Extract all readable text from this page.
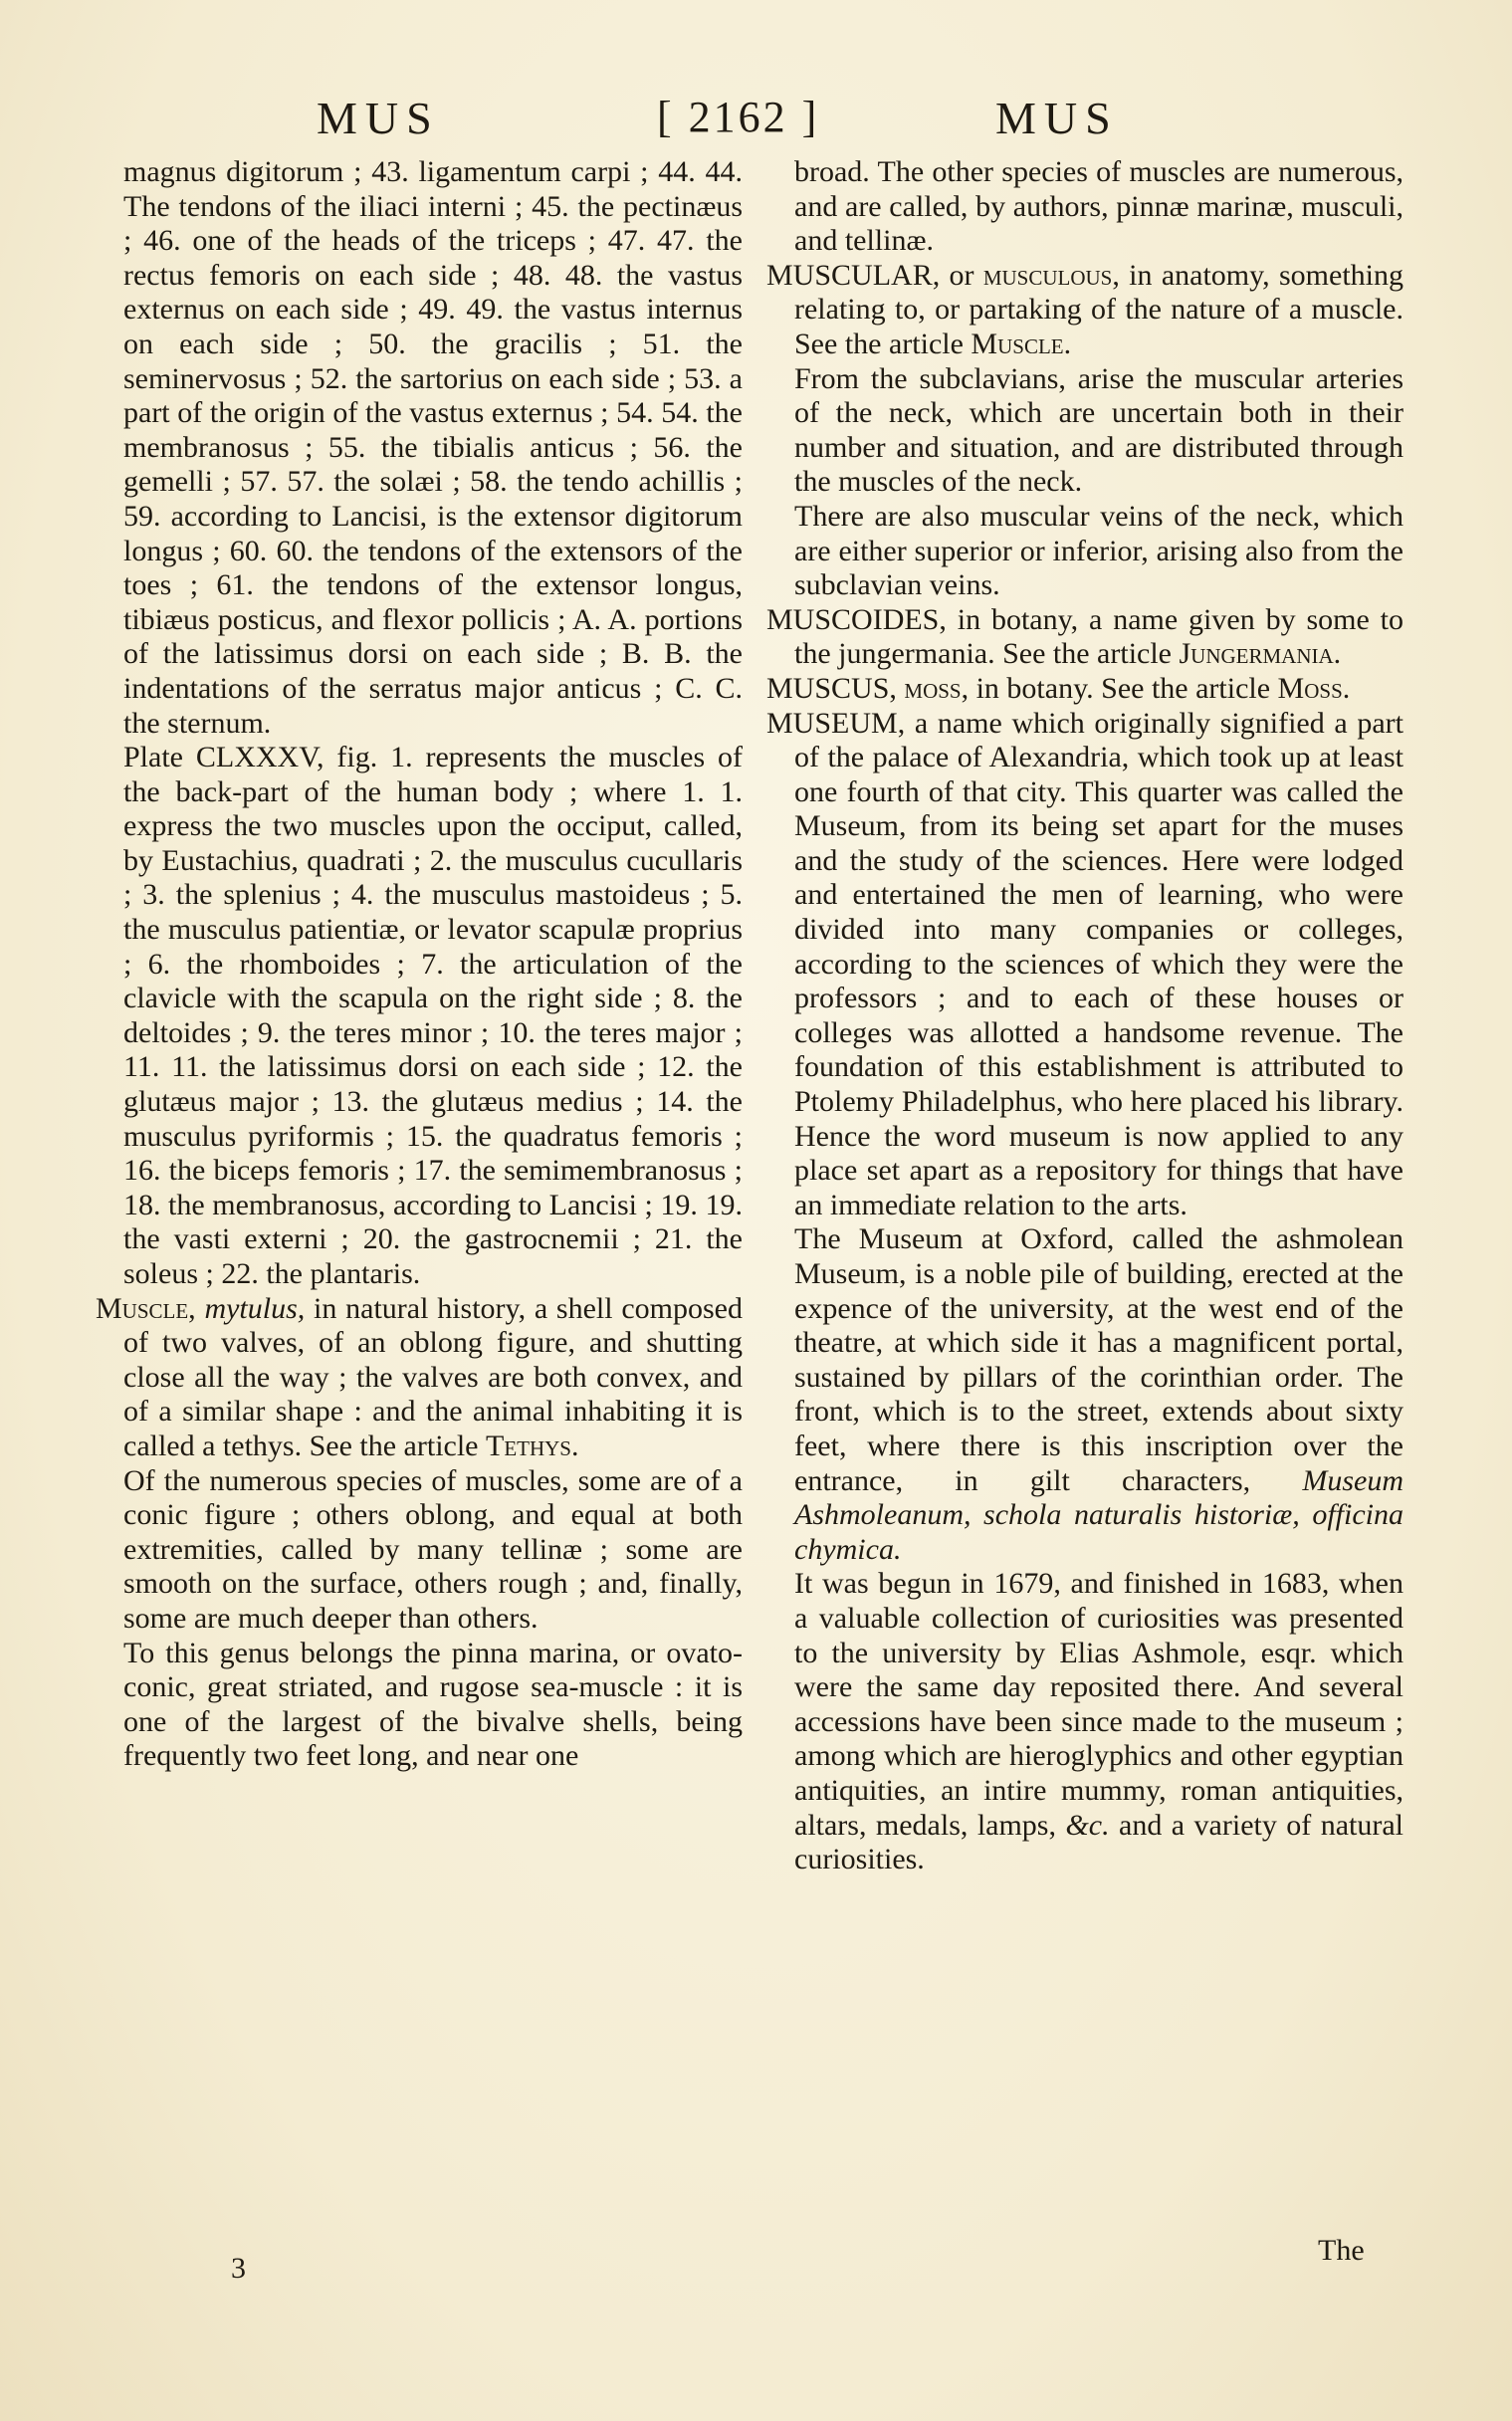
MUS	[ 2162 ]	MUS

magnus digitorum ; 43. ligamentum carpi ; 44. 44. The tendons of the iliaci interni ; 45. the pectinæus ; 46. one of the heads of the triceps ; 47. 47. the rectus femoris on each side ; 48. 48. the vastus externus on each side ; 49. 49. the vastus internus on each side ; 50. the gracilis ; 51. the seminervosus ; 52. the sartorius on each side ; 53. a part of the origin of the vastus externus ; 54. 54. the membranosus ; 55. the tibialis anticus ; 56. the gemelli ; 57. 57. the solæi ; 58. the tendo achillis ; 59. according to Lancisi, is the extensor digitorum longus ; 60. 60. the tendons of the extensors of the toes ; 61. the tendons of the extensor longus, tibiæus posticus, and flexor pollicis ; A. A. portions of the latissimus dorsi on each side ; B. B. the indentations of the serratus major anticus ; C. C. the sternum.

Plate CLXXXV, fig. 1. represents the muscles of the back-part of the human body ; where 1. 1. express the two muscles upon the occiput, called, by Eustachius, quadrati ; 2. the musculus cucullaris ; 3. the splenius ; 4. the musculus mastoideus ; 5. the musculus patientiæ, or levator scapulæ proprius ; 6. the rhomboides ; 7. the articulation of the clavicle with the scapula on the right side ; 8. the deltoides ; 9. the teres minor ; 10. the teres major ; 11. 11. the latissimus dorsi on each side ; 12. the glutæus major ; 13. the glutæus medius ; 14. the musculus pyriformis ; 15. the quadratus femoris ; 16. the biceps femoris ; 17. the semimembranosus ; 18. the membranosus, according to Lancisi ; 19. 19. the vasti externi ; 20. the gastrocnemii ; 21. the soleus ; 22. the plantaris.

Muscle, mytulus, in natural history, a shell composed of two valves, of an oblong figure, and shutting close all the way ; the valves are both convex, and of a similar shape : and the animal inhabiting it is called a tethys. See the article Tethys.

Of the numerous species of muscles, some are of a conic figure ; others oblong, and equal at both extremities, called by many tellinæ ; some are smooth on the surface, others rough ; and, finally, some are much deeper than others.

To this genus belongs the pinna marina, or ovato-conic, great striated, and rugose sea-muscle : it is one of the largest of the bivalve shells, being frequently two feet long, and near one

broad. The other species of muscles are numerous, and are called, by authors, pinnæ marinæ, musculi, and tellinæ.

MUSCULAR, or musculous, in anatomy, something relating to, or partaking of the nature of a muscle. See the article Muscle.

From the subclavians, arise the muscular arteries of the neck, which are uncertain both in their number and situation, and are distributed through the muscles of the neck.

There are also muscular veins of the neck, which are either superior or inferior, arising also from the subclavian veins.

MUSCOIDES, in botany, a name given by some to the jungermania. See the article Jungermania.

MUSCUS, moss, in botany. See the article Moss.

MUSEUM, a name which originally signified a part of the palace of Alexandria, which took up at least one fourth of that city. This quarter was called the Museum, from its being set apart for the muses and the study of the sciences. Here were lodged and entertained the men of learning, who were divided into many companies or colleges, according to the sciences of which they were the professors ; and to each of these houses or colleges was allotted a handsome revenue. The foundation of this establishment is attributed to Ptolemy Philadelphus, who here placed his library. Hence the word museum is now applied to any place set apart as a repository for things that have an immediate relation to the arts.

The Museum at Oxford, called the ashmolean Museum, is a noble pile of building, erected at the expence of the university, at the west end of the theatre, at which side it has a magnificent portal, sustained by pillars of the corinthian order. The front, which is to the street, extends about sixty feet, where there is this inscription over the entrance, in gilt characters, Museum Ashmoleanum, schola naturalis historiæ, officina chymica.

It was begun in 1679, and finished in 1683, when a valuable collection of curiosities was presented to the university by Elias Ashmole, esqr. which were the same day reposited there. And several accessions have been since made to the museum ; among which are hieroglyphics and other egyptian antiquities, an intire mummy, roman antiquities, altars, medals, lamps, &c. and a variety of natural curiosities.

3
The
